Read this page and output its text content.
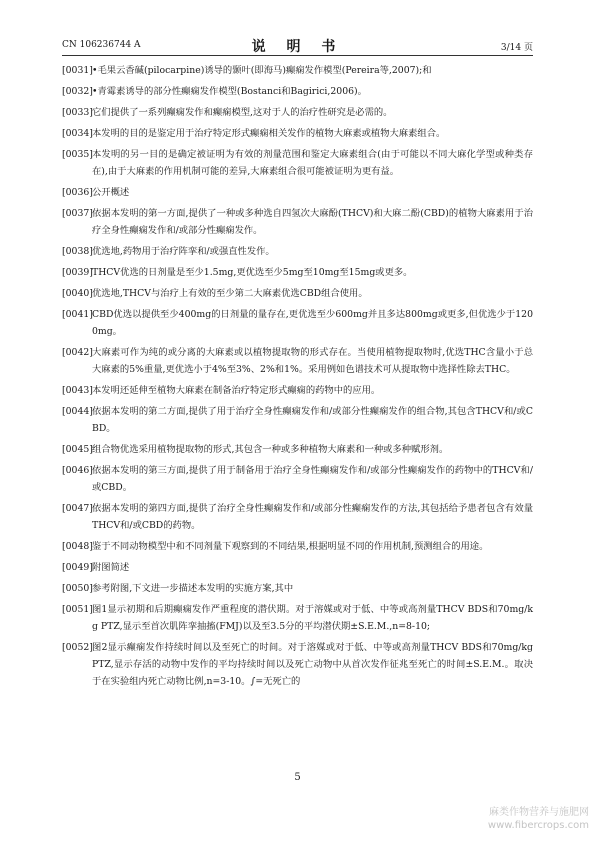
CN 106236744 A	说 明 书	3/14 页
[0031] •毛果云香碱(pilocarpine)诱导的颞叶(即海马)癫痫发作模型(Pereira等,2007);和
[0032] •青霉素诱导的部分性癫痫发作模型(Bostanci和Bagirici,2006)。
[0033] 它们提供了一系列癫痫发作和癫痫模型,这对于人的治疗性研究是必需的。
[0034] 本发明的目的是鉴定用于治疗特定形式癫痫相关发作的植物大麻素或植物大麻素组合。
[0035] 本发明的另一目的是确定被证明为有效的剂量范围和鉴定大麻素组合(由于可能以不同大麻化学型或种类存在),由于大麻素的作用机制可能的差异,大麻素组合很可能被证明为更有益。
[0036] 公开概述
[0037] 依据本发明的第一方面,提供了一种或多种选自四氢次大麻酚(THCV)和大麻二酚(CBD)的植物大麻素用于治疗全身性癫痫发作和/或部分性癫痫发作。
[0038] 优选地,药物用于治疗阵挛和/或强直性发作。
[0039] THCV优选的日剂量是至少1.5mg,更优选至少5mg至10mg至15mg或更多。
[0040] 优选地,THCV与治疗上有效的至少第二大麻素优选CBD组合使用。
[0041] CBD优选以提供至少400mg的日剂量的量存在,更优选至少600mg并且多达800mg或更多,但优选少于1200mg。
[0042] 大麻素可作为纯的或分离的大麻素或以植物提取物的形式存在。当使用植物提取物时,优选THC含量小于总大麻素的5%重量,更优选小于4%至3%、2%和1%。采用例如色谱技术可从提取物中选择性除去THC。
[0043] 本发明还延伸至植物大麻素在制备治疗特定形式癫痫的药物中的应用。
[0044] 依据本发明的第二方面,提供了用于治疗全身性癫痫发作和/或部分性癫痫发作的组合物,其包含THCV和/或CBD。
[0045] 组合物优选采用植物提取物的形式,其包含一种或多种植物大麻素和一种或多种赋形剂。
[0046] 依据本发明的第三方面,提供了用于制备用于治疗全身性癫痫发作和/或部分性癫痫发作的药物中的THCV和/或CBD。
[0047] 依据本发明的第四方面,提供了治疗全身性癫痫发作和/或部分性癫痫发作的方法,其包括给予患者包含有效量THCV和/或CBD的药物。
[0048] 鉴于不同动物模型中和不同剂量下观察到的不同结果,根据明显不同的作用机制,预测组合的用途。
[0049] 附图简述
[0050] 参考附图,下文进一步描述本发明的实施方案,其中
[0051] 图1显示初期和后期癫痫发作严重程度的潜伏期。对于溶媒或对于低、中等或高剂量THCV BDS和70mg/kg PTZ,显示至首次肌阵挛抽搐(FMJ)以及至3.5分的平均潜伏期±S.E.M.,n=8-10;
[0052] 图2显示癫痫发作持续时间以及至死亡的时间。对于溶媒或对于低、中等或高剂量THCV BDS和70mg/kg PTZ,显示存活的动物中发作的平均持续时间以及死亡动物中从首次发作征兆至死亡的时间±S.E.M.。取决于在实验组内死亡动物比例,n=3-10。∫=无死亡的
5
麻类作物营养与施肥网
www.fibercrops.com
